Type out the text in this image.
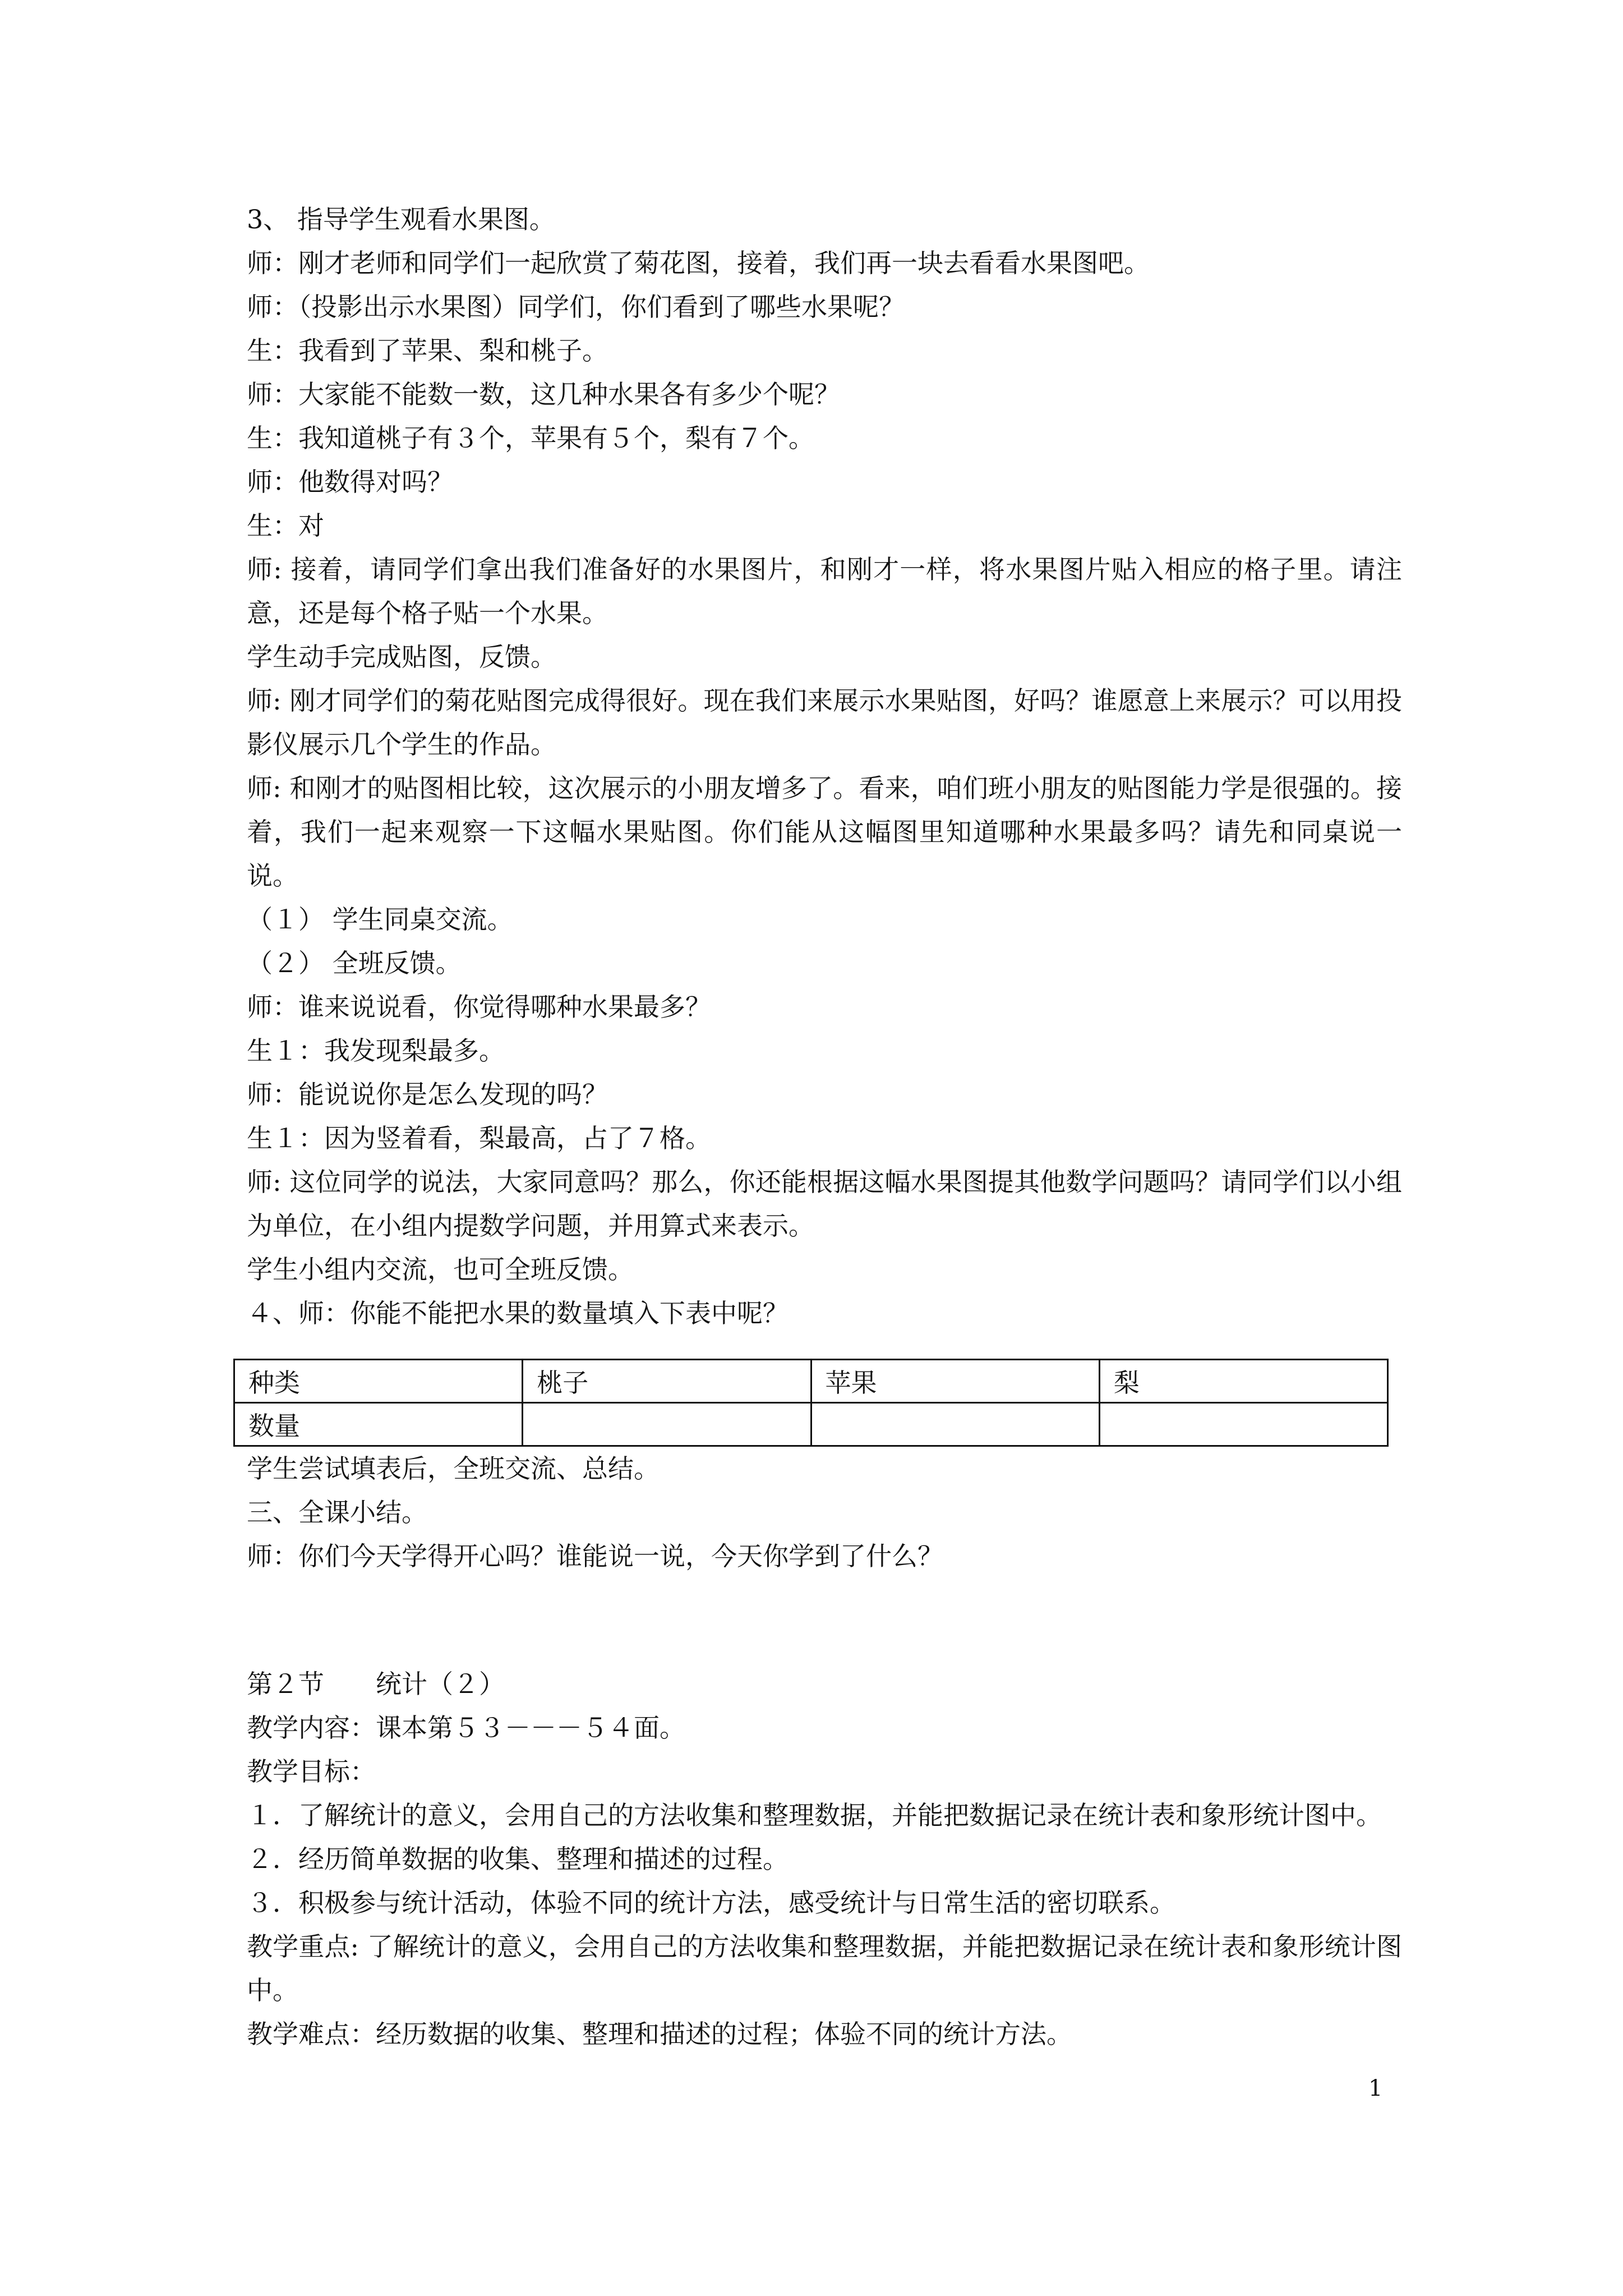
3、 指导学生观看水果图。

师：刚才老师和同学们一起欣赏了菊花图，接着，我们再一块去看看水果图吧。

师：（投影出示水果图）同学们，你们看到了哪些水果呢？

生：我看到了苹果、梨和桃子。

师：大家能不能数一数，这几种水果各有多少个呢？

生：我知道桃子有３个，苹果有５个，梨有７个。

师：他数得对吗？

生：对

师: 接着，请同学们拿出我们准备好的水果图片，和刚才一样，将水果图片贴入相应的格子里。请注意，还是每个格子贴一个水果。

学生动手完成贴图，反馈。

师: 刚才同学们的菊花贴图完成得很好。现在我们来展示水果贴图，好吗？谁愿意上来展示？可以用投影仪展示几个学生的作品。

师: 和刚才的贴图相比较，这次展示的小朋友增多了。看来，咱们班小朋友的贴图能力学是很强的。接着，我们一起来观察一下这幅水果贴图。你们能从这幅图里知道哪种水果最多吗？请先和同桌说一说。

（１） 学生同桌交流。

（２） 全班反馈。

师：谁来说说看，你觉得哪种水果最多？

生１：我发现梨最多。

师：能说说你是怎么发现的吗？

生１：因为竖着看，梨最高，占了７格。

师: 这位同学的说法，大家同意吗？那么，你还能根据这幅水果图提其他数学问题吗？请同学们以小组为单位，在小组内提数学问题，并用算式来表示。

学生小组内交流，也可全班反馈。

４、师：你能不能把水果的数量填入下表中呢？

种类	桃子	苹果	梨
数量			

学生尝试填表后，全班交流、总结。

三、全课小结。

师：你们今天学得开心吗？谁能说一说，今天你学到了什么？

第２节　　统计（２）

教学内容：课本第５３－－－５４面。

教学目标：

１．了解统计的意义，会用自己的方法收集和整理数据，并能把数据记录在统计表和象形统计图中。

２．经历简单数据的收集、整理和描述的过程。

３．积极参与统计活动，体验不同的统计方法，感受统计与日常生活的密切联系。

教学重点: 了解统计的意义，会用自己的方法收集和整理数据，并能把数据记录在统计表和象形统计图中。

教学难点：经历数据的收集、整理和描述的过程；体验不同的统计方法。

1
